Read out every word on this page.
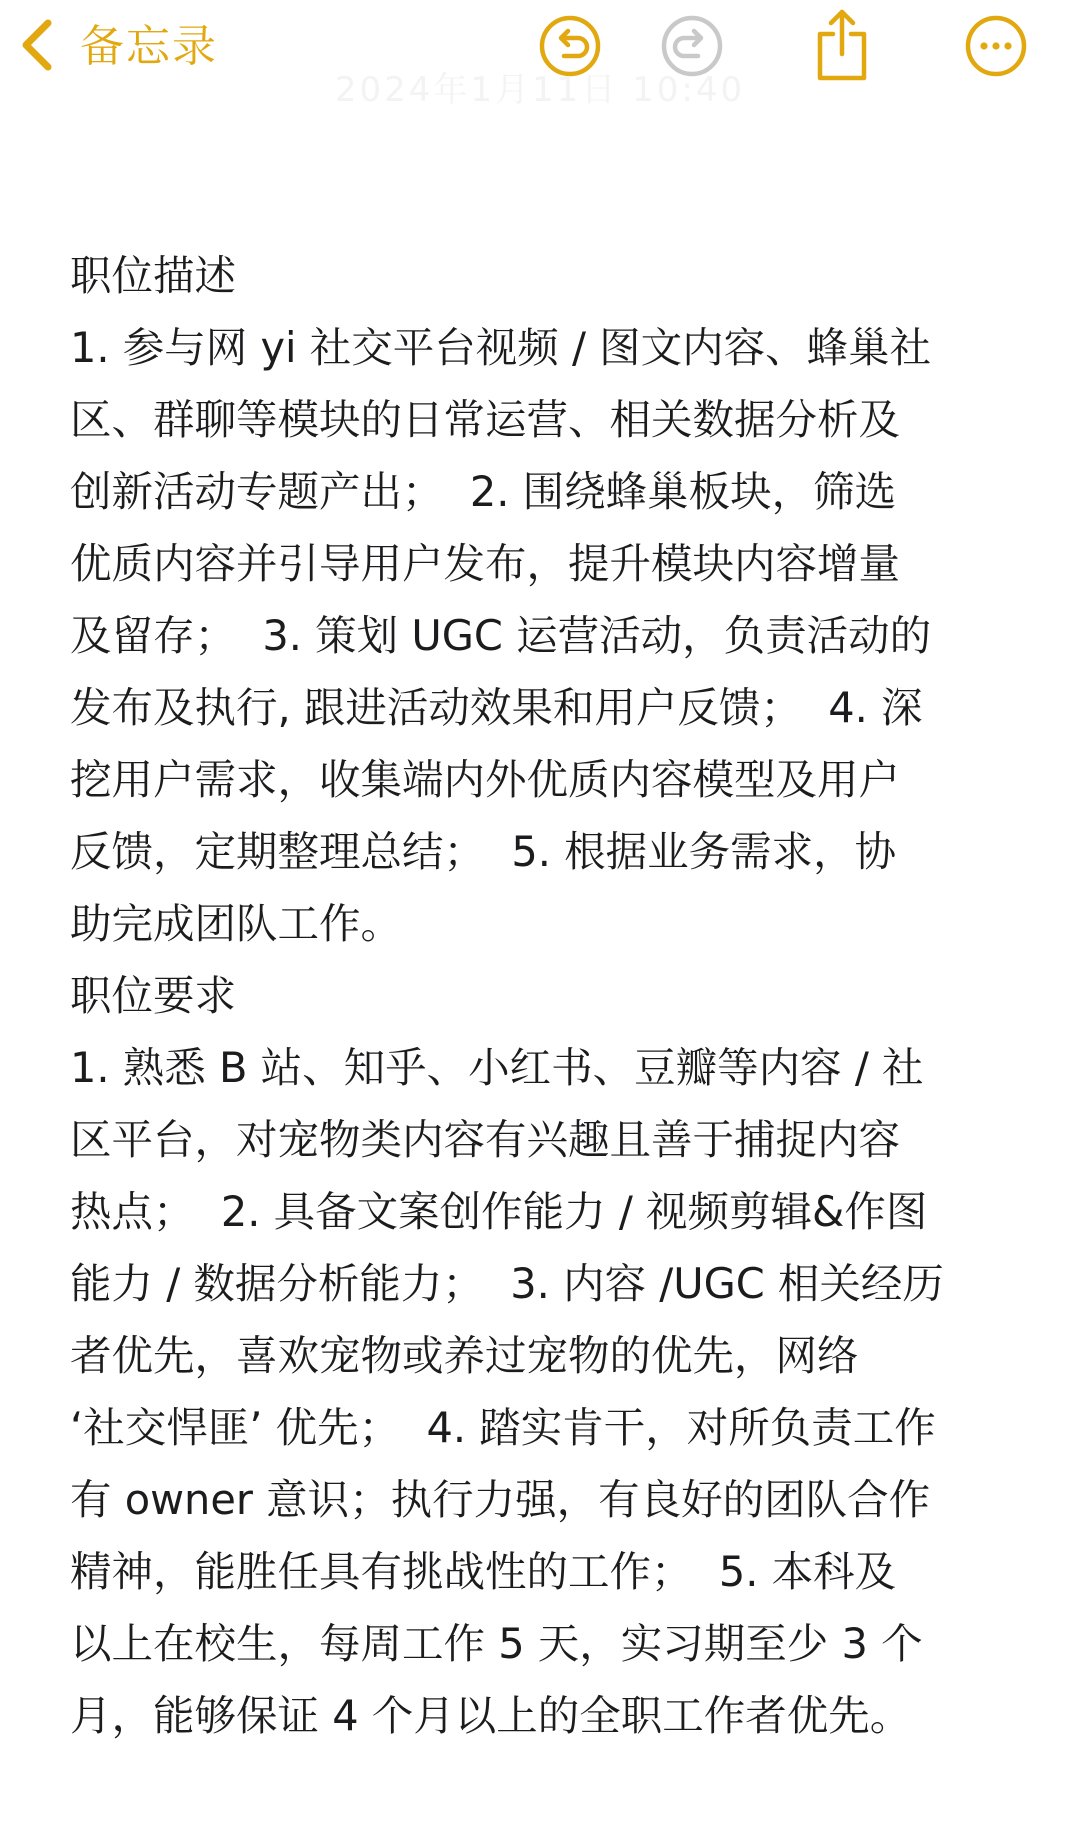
备忘录
2024年1月11日 10:40
职位描述
1. 参与网 yi 社交平台视频 / 图文内容、蜂巢社
区、群聊等模块的日常运营、相关数据分析及
创新活动专题产出；  2. 围绕蜂巢板块，筛选
优质内容并引导用户发布，提升模块内容增量
及留存；  3. 策划 UGC 运营活动，负责活动的
发布及执行, 跟进活动效果和用户反馈；  4. 深
挖用户需求，收集端内外优质内容模型及用户
反馈，定期整理总结；  5. 根据业务需求，协
助完成团队工作。
职位要求
1. 熟悉 B 站、知乎、小红书、豆瓣等内容 / 社
区平台，对宠物类内容有兴趣且善于捕捉内容
热点；  2. 具备文案创作能力 / 视频剪辑&作图
能力 / 数据分析能力；  3. 内容 /UGC 相关经历
者优先，喜欢宠物或养过宠物的优先，网络
‘社交悍匪’ 优先；  4. 踏实肯干，对所负责工作
有 owner 意识；执行力强，有良好的团队合作
精神，能胜任具有挑战性的工作；  5. 本科及
以上在校生，每周工作 5 天，实习期至少 3 个
月，能够保证 4 个月以上的全职工作者优先。
